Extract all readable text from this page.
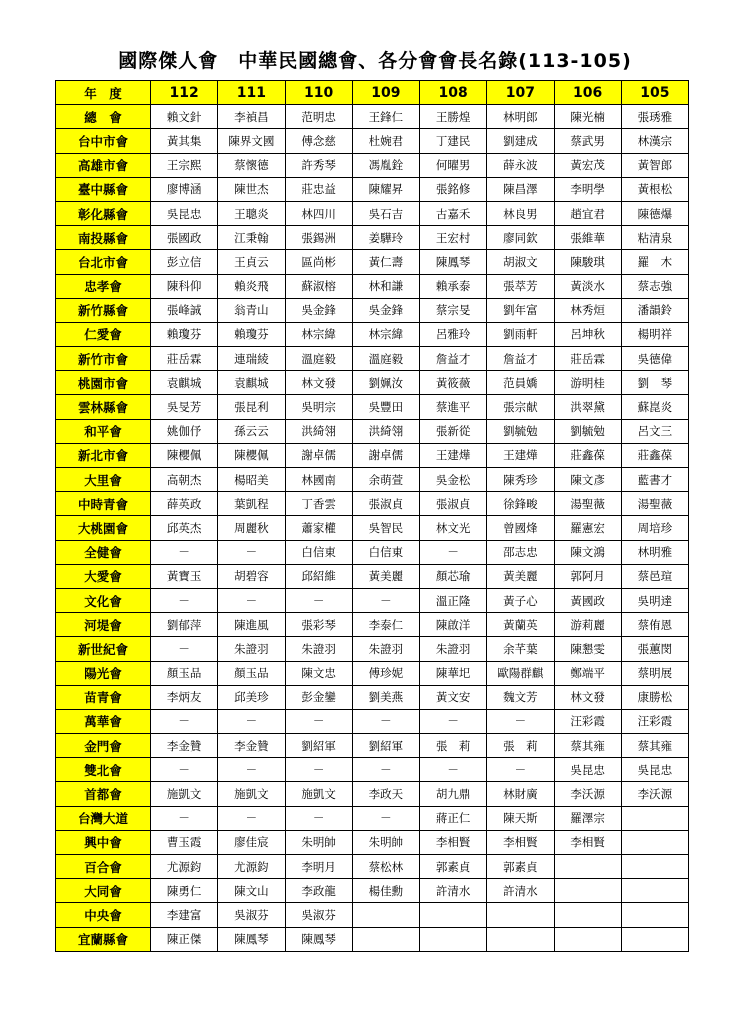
國際傑人會　中華民國總會、各分會會長名錄(113-105)
年　度	112	111	110	109	108	107	106	105
總　會	賴文針	李禎昌	范明忠	王鋒仁	王勝煌	林明郎	陳光楠	張琇雅
台中市會	黃其集	陳界文國	傅念慈	杜婉君	丁建民	劉建成	蔡武男	林漢宗
高雄市會	王宗熙	蔡懷德	許秀琴	馮胤銓	何曜男	薛永波	黃宏茂	黃智郎
臺中縣會	廖博涵	陳世杰	莊忠益	陳耀昇	張銘修	陳昌澤	李明學	黃根松
彰化縣會	吳昆忠	王聰炎	林四川	吳石吉	古嘉禾	林良男	趙宜君	陳德爆
南投縣會	張國政	江秉翰	張錫洲	姜驊玲	王宏村	廖同欽	張維華	粘清泉
台北市會	彭立信	王貞云	區尚彬	黃仁壽	陳鳳琴	胡淑文	陳駿琪	羅　木
忠孝會	陳科仰	賴炎飛	蘇淑榕	林和謙	賴承泰	張萃芳	黃淡水	蔡志強
新竹縣會	張峰誠	翁青山	吳金鋒	吳金鋒	蔡宗旻	劉年富	林秀烜	潘韻鈴
仁愛會	賴瓊芬	賴瓊芬	林宗緯	林宗緯	呂雅玲	劉雨軒	呂坤秋	楊明祥
新竹市會	莊岳霖	連瑞綾	溫庭毅	溫庭毅	詹益才	詹益才	莊岳霖	吳德偉
桃園市會	袁麒城	袁麒城	林文發	劉姵汝	黃筱薇	范員嬌	游明桂	劉　琴
雲林縣會	吳旻芳	張昆利	吳明宗	吳豐田	蔡進平	張宗献	洪翠黛	蘇崑炎
和平會	姚伽伃	孫云云	洪綺翎	洪綺翎	張新從	劉毓勉	劉毓勉	呂文三
新北市會	陳櫻佩	陳櫻佩	謝卓儒	謝卓儒	王建燁	王建燁	莊鑫葆	莊鑫葆
大里會	高朝杰	楊昭美	林國南	余萌萱	吳金松	陳秀珍	陳文彥	藍書才
中時青會	薛英政	葉凱程	丁香雲	張淑貞	張淑貞	徐鋒畯	湯聖薇	湯聖薇
大桃園會	邱英杰	周麗秋	蕭家權	吳智民	林文光	曾國烽	羅憲宏	周培珍
全健會	－	－	白信東	白信東	－	邵志忠	陳文鴻	林明雅
大愛會	黃寶玉	胡碧容	邱紹維	黃美麗	顏芯瑜	黃美麗	郭阿月	蔡邑瑄
文化會	－	－	－	－	溫正隆	黃子心	黃國政	吳明達
河堤會	劉郁萍	陳進風	張彩琴	李泰仁	陳啟洋	黃蘭英	游莉麗	蔡侑恩
新世紀會	－	朱證羽	朱證羽	朱證羽	朱證羽	余芊葉	陳懇雯	張蕙閔
陽光會	顏玉品	顏玉品	陳文忠	傅珍妮	陳華圯	歐陽群麒	鄭端平	蔡明展
苗青會	李炳友	邱美珍	彭金鑾	劉美燕	黃文安	魏文芳	林文發	康勝松
萬華會	－	－	－	－	－	－	汪彩霞	汪彩霞
金門會	李金贊	李金贊	劉紹軍	劉紹軍	張　莉	張　莉	蔡其雍	蔡其雍
雙北會	－	－	－	－	－	－	吳昆忠	吳昆忠
首都會	施凱文	施凱文	施凱文	李政天	胡九鼎	林財廣	李沃源	李沃源
台灣大道	－	－	－	－	蔣正仁	陳天斯	羅澤宗	
興中會	曹玉霞	廖佳宸	朱明帥	朱明帥	李相賢	李相賢	李相賢	
百合會	尤源鈞	尤源鈞	李明月	蔡松林	郭素貞	郭素貞		
大同會	陳勇仁	陳文山	李政龍	楊佳勳	許清水	許清水		
中央會	李建富	吳淑芬	吳淑芬					
宜蘭縣會	陳正傑	陳鳳琴	陳鳳琴					
